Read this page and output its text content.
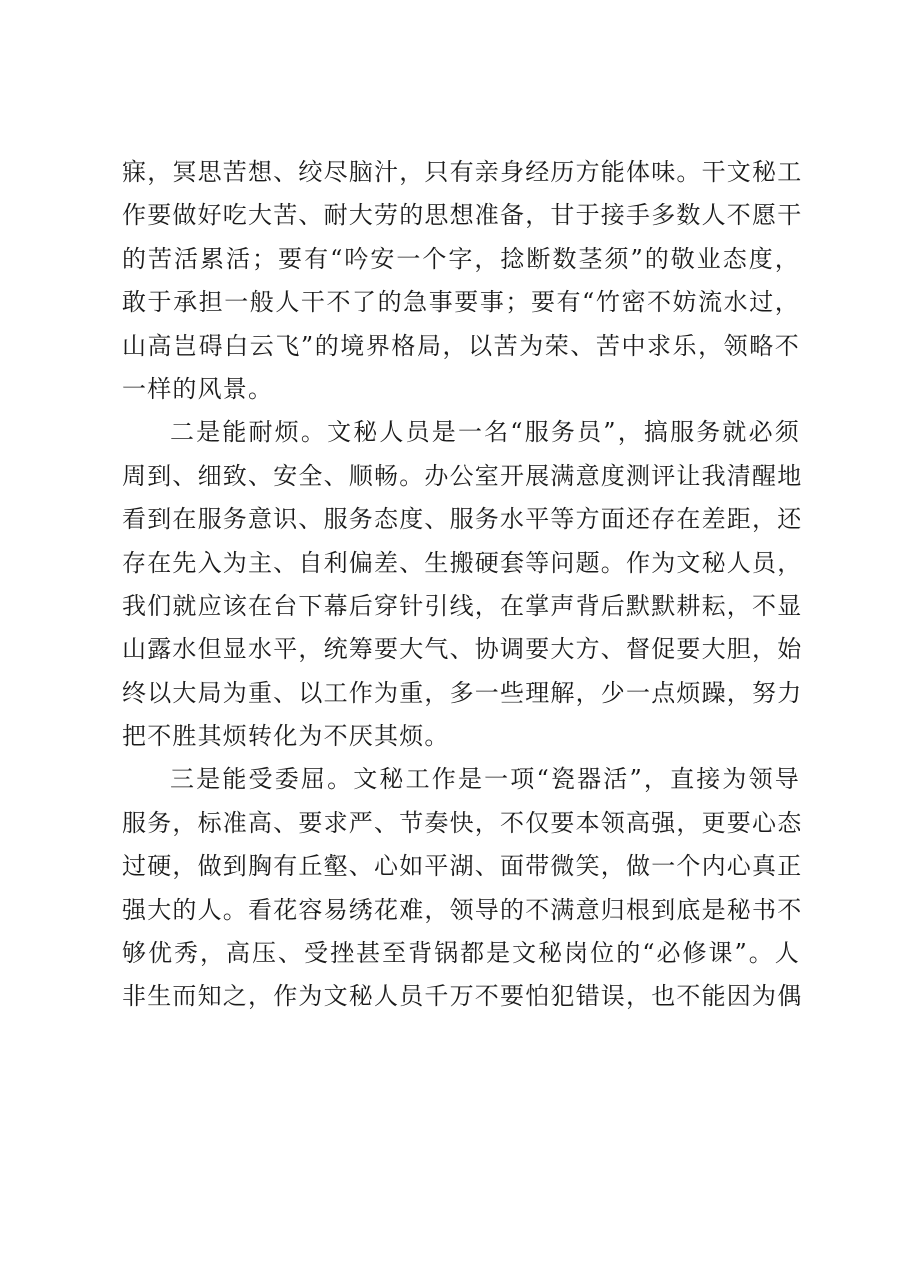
寐，冥思苦想、绞尽脑汁，只有亲身经历方能体味。干文秘工
作要做好吃大苦、耐大劳的思想准备，甘于接手多数人不愿干
的苦活累活；要有“吟安一个字，捻断数茎须”的敬业态度，
敢于承担一般人干不了的急事要事；要有“竹密不妨流水过，
山高岂碍白云飞”的境界格局，以苦为荣、苦中求乐，领略不
一样的风景。
二是能耐烦。文秘人员是一名“服务员”，搞服务就必须
周到、细致、安全、顺畅。办公室开展满意度测评让我清醒地
看到在服务意识、服务态度、服务水平等方面还存在差距，还
存在先入为主、自利偏差、生搬硬套等问题。作为文秘人员，
我们就应该在台下幕后穿针引线，在掌声背后默默耕耘，不显
山露水但显水平，统筹要大气、协调要大方、督促要大胆，始
终以大局为重、以工作为重，多一些理解，少一点烦躁，努力
把不胜其烦转化为不厌其烦。
三是能受委屈。文秘工作是一项“瓷器活”，直接为领导
服务，标准高、要求严、节奏快，不仅要本领高强，更要心态
过硬，做到胸有丘壑、心如平湖、面带微笑，做一个内心真正
强大的人。看花容易绣花难，领导的不满意归根到底是秘书不
够优秀，高压、受挫甚至背锅都是文秘岗位的“必修课”。人
非生而知之，作为文秘人员千万不要怕犯错误，也不能因为偶
